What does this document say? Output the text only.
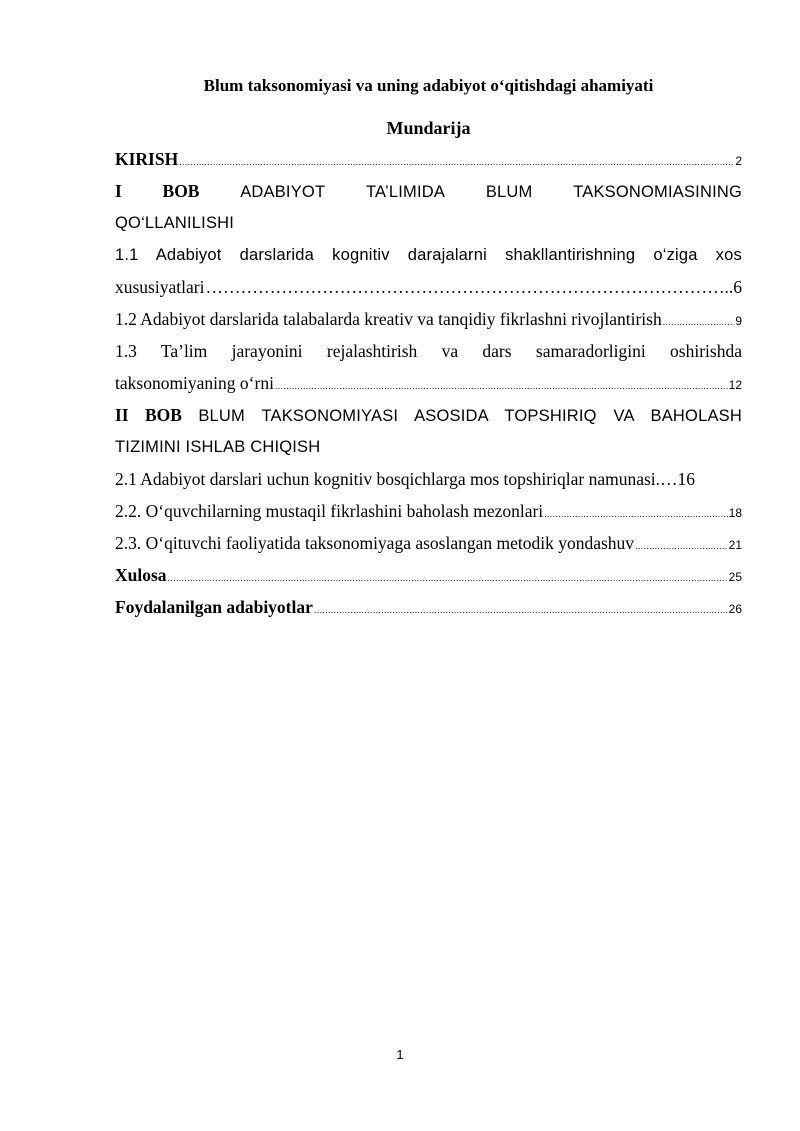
Blum taksonomiyasi va uning adabiyot o‘qitishdagi ahamiyati
Mundarija
KIRISH .....	2
I BOB ADABIYOT TA’LIMIDA BLUM TAKSONOMIASINING
QO‘LLANILISHI
1.1 Adabiyot darslarida kognitiv darajalarni shakllantirishning o‘ziga xos
xususiyatlari ……………………………………………………………………………………………………………………………………………	..6
1.2 Adabiyot darslarida talabalarda kreativ va tanqidiy fikrlashni rivojlantirish .....	9
1.3 Ta’lim jarayonini rejalashtirish va dars samaradorligini oshirishda
taksonomiyaning o‘rni .....	12
II BOB BLUM TAKSONOMIYASI ASOSIDA TOPSHIRIQ VA BAHOLASH
TIZIMINI ISHLAB CHIQISH
2.1 Adabiyot darslari uchun kognitiv bosqichlarga mos topshiriqlar namunasi. …16
2.2. O‘quvchilarning mustaqil fikrlashini baholash mezonlari .....	18
2.3. O‘qituvchi faoliyatida taksonomiyaga asoslangan metodik yondashuv .....	21
Xulosa .....	25
Foydalanilgan adabiyotlar .....	26
1
